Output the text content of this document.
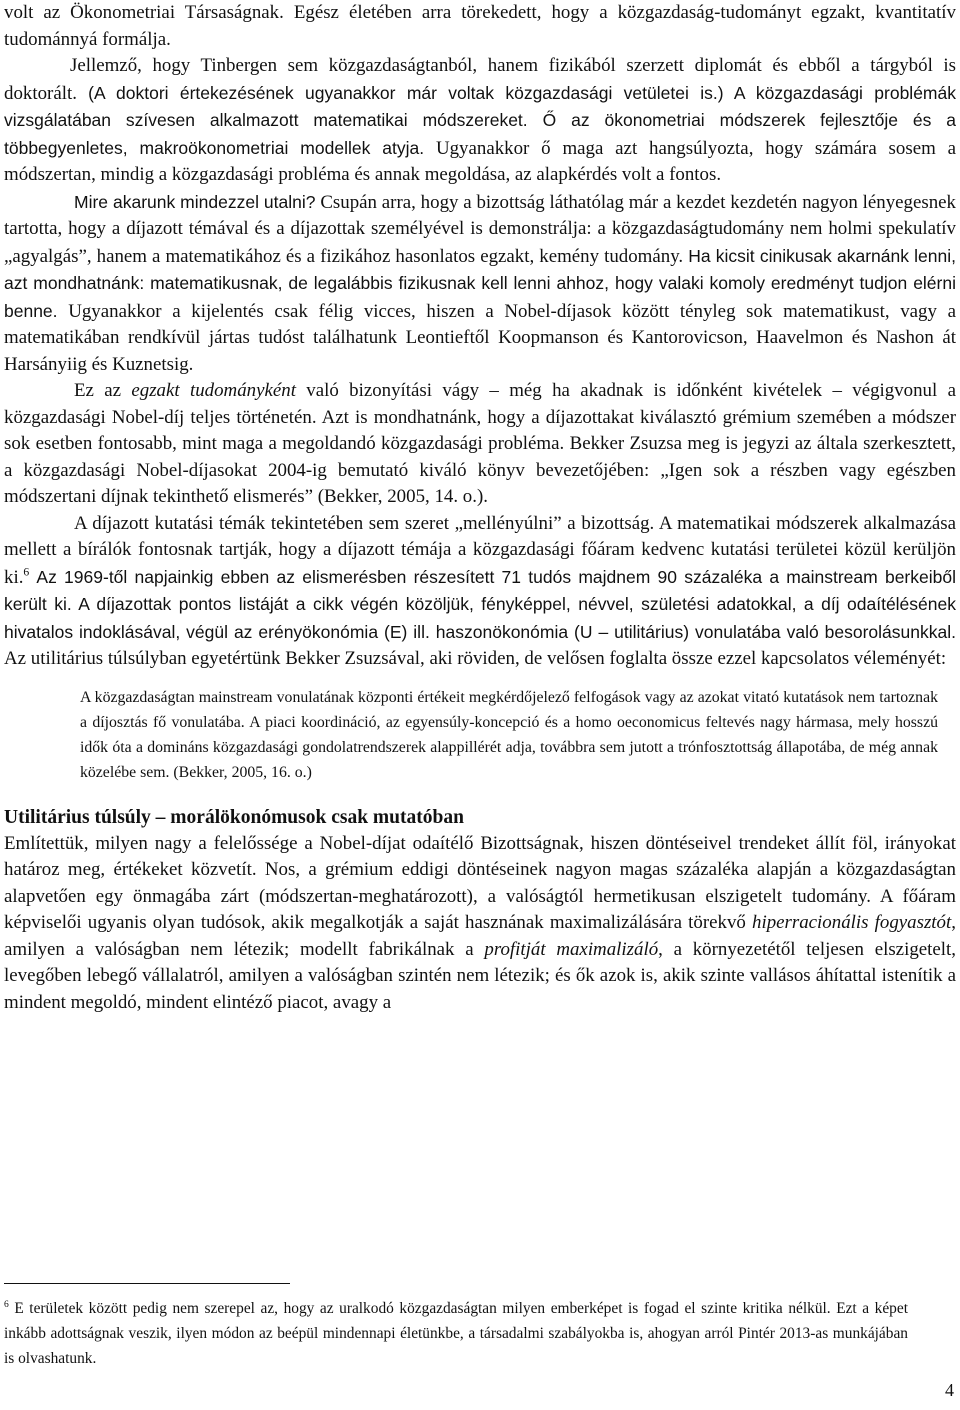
volt az Ökonometriai Társaságnak. Egész életében arra törekedett, hogy a közgazdaság-tudományt egzakt, kvantitatív tudománnyá formálja.
Jellemző, hogy Tinbergen sem közgazdaságtanból, hanem fizikából szerzett diplomát és ebből a tárgyból is doktorált. (A doktori értekezésének ugyanakkor már voltak közgazdasági vetületei is.) A közgazdasági problémák vizsgálatában szívesen alkalmazott matematikai módszereket. Ő az ökonometriai módszerek fejlesztője és a többegyenletes, makroökonometriai modellek atyja. Ugyanakkor ő maga azt hangsúlyozta, hogy számára sosem a módszertan, mindig a közgazdasági probléma és annak megoldása, az alapkérdés volt a fontos.

Mire akarunk mindezzel utalni? Csupán arra, hogy a bizottság láthatólag már a kezdet kezdetén nagyon lényegesnek tartotta, hogy a díjazott témával és a díjazottak személyével is demonstrálja: a közgazdaságtudomány nem holmi spekulatív „agyalgás”, hanem a matematikához és a fizikához hasonlatos egzakt, kemény tudomány. Ha kicsit cinikusak akarnánk lenni, azt mondhatnánk: matematikusnak, de legalábbis fizikusnak kell lenni ahhoz, hogy valaki komoly eredményt tudjon elérni benne. Ugyanakkor a kijelentés csak félig vicces, hiszen a Nobel-díjasok között tényleg sok matematikust, vagy a matematikában rendkívül jártas tudóst találhatunk Leontieftől Koopmanson és Kantorovicson, Haavelmon és Nashon át Harsányiig és Kuznetsig.

Ez az egzakt tudományként való bizonyítási vágy – még ha akadnak is időnként kivételek – végigvonul a közgazdasági Nobel-díj teljes történetén. Azt is mondhatnánk, hogy a díjazottakat kiválasztó grémium szemében a módszer sok esetben fontosabb, mint maga a megoldandó közgazdasági probléma. Bekker Zsuzsa meg is jegyzi az általa szerkesztett, a közgazdasági Nobel-díjasokat 2004-ig bemutató kiváló könyv bevezetőjében: „Igen sok a részben vagy egészben módszertani díjnak tekinthető elismerés” (Bekker, 2005, 14. o.).

A díjazott kutatási témák tekintetében sem szeret „mellényúlni” a bizottság. A matematikai módszerek alkalmazása mellett a bírálók fontosnak tartják, hogy a díjazott témája a közgazdasági főáram kedvenc kutatási területei közül kerüljön ki.$^6$ Az 1969-től napjainkig ebben az elismerésben részesített 71 tudós majdnem 90 százaléka a mainstream berkeiből került ki. A díjazottak pontos listáját a cikk végén közöljük, fényképpel, névvel, születési adatokkal, a díj odaítélésének hivatalos indoklásával, végül az erényökonómia (E) ill. haszonökonómia (U – utilitárius) vonulatába való besorolásunkkal. Az utilitárius túlsúlyban egyetértünk Bekker Zsuzsával, aki röviden, de velősen foglalta össze ezzel kapcsolatos véleményét:

A közgazdaságtan mainstream vonulatának központi értékeit megkérdőjelező felfogások vagy az azokat vitató kutatások nem tartoznak a díjosztás fő vonulatába. A piaci koordináció, az egyensúly-koncepció és a homo oeconomicus feltevés nagy hármasa, mely hosszú idők óta a domináns közgazdasági gondolatrendszerek alappillérét adja, továbbra sem jutott a trónfosztottság állapotába, de még annak közelébe sem. (Bekker, 2005, 16. o.)
Utilitárius túlsúly – morálökonómusok csak mutatóban

Említettük, milyen nagy a felelőssége a Nobel-díjat odaítélő Bizottságnak, hiszen döntéseivel trendeket állít föl, irányokat határoz meg, értékeket közvetít. Nos, a grémium eddigi döntéseinek nagyon magas százaléka alapján a közgazdaságtan alapvetően egy önmagába zárt (módszertan-meghatározott), a valóságtól hermetikusan elszigetelt tudomány. A főáram képviselői ugyanis olyan tudósok, akik megalkotják a saját hasznának maximalizálására törekvő hiperracionális fogyasztót, amilyen a valóságban nem létezik; modellt fabrikálnak a profitját maximalizáló, a környezetétől teljesen elszigetelt, levegőben lebegő vállalatról, amilyen a valóságban szintén nem létezik; és ők azok is, akik szinte vallásos áhítattal istenítik a mindent megoldó, mindent elintéző piacot, avagy a

$^6$ E területek között pedig nem szerepel az, hogy az uralkodó közgazdaságtan milyen emberképet is fogad el szinte kritika nélkül. Ezt a képet inkább adottságnak veszik, ilyen módon az beépül mindennapi életünkbe, a társadalmi szabályokba is, ahogyan arról Pintér 2013-as munkájában is olvashatunk.
4
